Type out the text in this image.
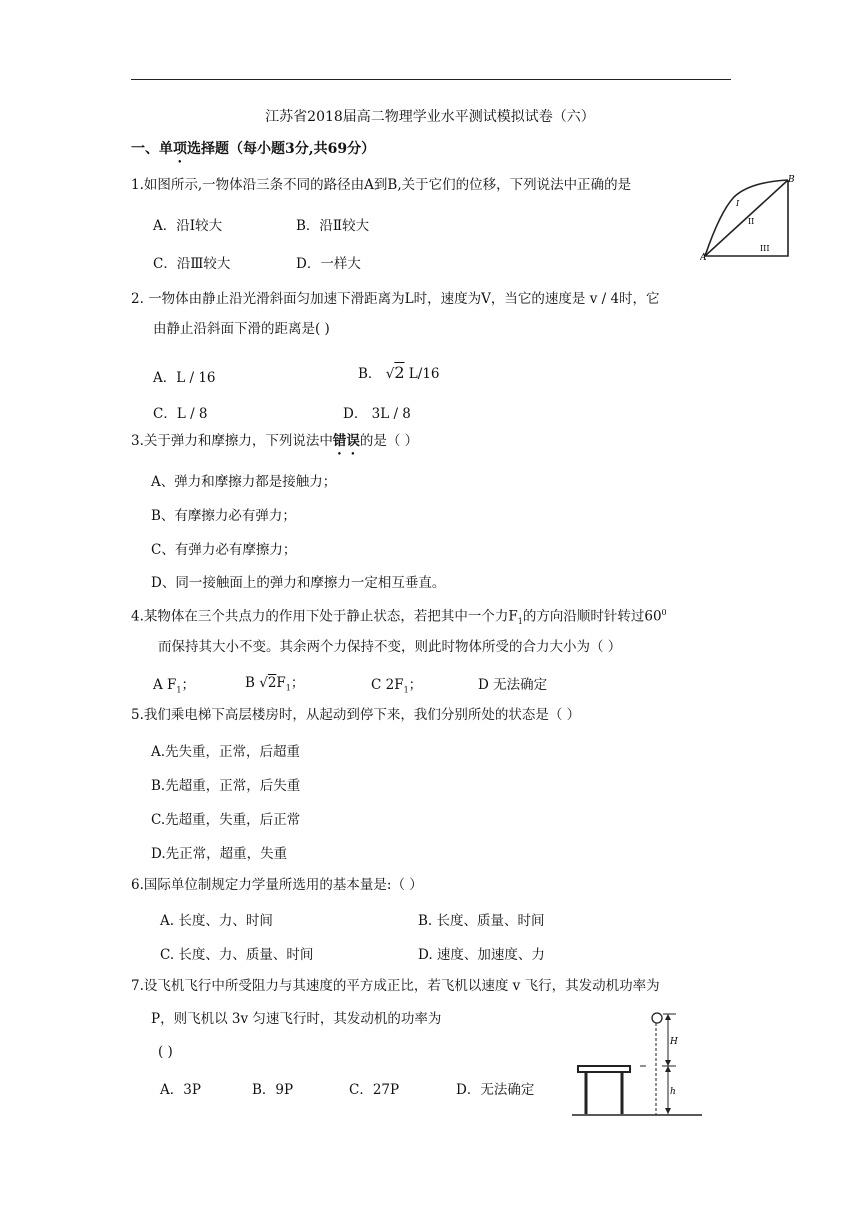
江苏省2018届高二物理学业水平测试模拟试卷（六）
一、单项选择题（每小题3分,共69分）
1.如图所示,一物体沿三条不同的路径由A到B,关于它们的位移，下列说法中正确的是
A．沿Ⅰ较大	B．沿Ⅱ较大
C．沿Ⅲ较大	D．一样大	A
B
I
II
III
2. 一物体由静止沿光滑斜面匀加速下滑距离为L时，速度为V，当它的速度是 v / 4时，它
由静止沿斜面下滑的距离是( )
A．L / 16	B． √2 L/16
C．L / 8	D． 3L / 8
3.关于弹力和摩擦力，下列说法中错误的是（ ）
A、弹力和摩擦力都是接触力；
B、有摩擦力必有弹力；
C、有弹力必有摩擦力；
D、同一接触面上的弹力和摩擦力一定相互垂直。
4.某物体在三个共点力的作用下处于静止状态，若把其中一个力$F_1$的方向沿顺时针转过$60^0$
而保持其大小不变。其余两个力保持不变，则此时物体所受的合力大小为（ ）
A $F_1$；	B $√2F_1$；	C $2F_1$；	D 无法确定
5.我们乘电梯下高层楼房时，从起动到停下来，我们分别所处的状态是（ ）
A.先失重，正常，后超重
B.先超重，正常，后失重
C.先超重，失重，后正常
D.先正常，超重，失重
6.国际单位制规定力学量所选用的基本量是:（ ）
A. 长度、力、时间	B. 长度、质量、时间
C. 长度、力、质量、时间	D. 速度、加速度、力
7.设飞机飞行中所受阻力与其速度的平方成正比，若飞机以速度 v 飞行，其发动机功率为
P，则飞机以 3v 匀速飞行时，其发动机的功率为
( )
A．3P	B．9P	C．27P	D．无法确定
H
h
